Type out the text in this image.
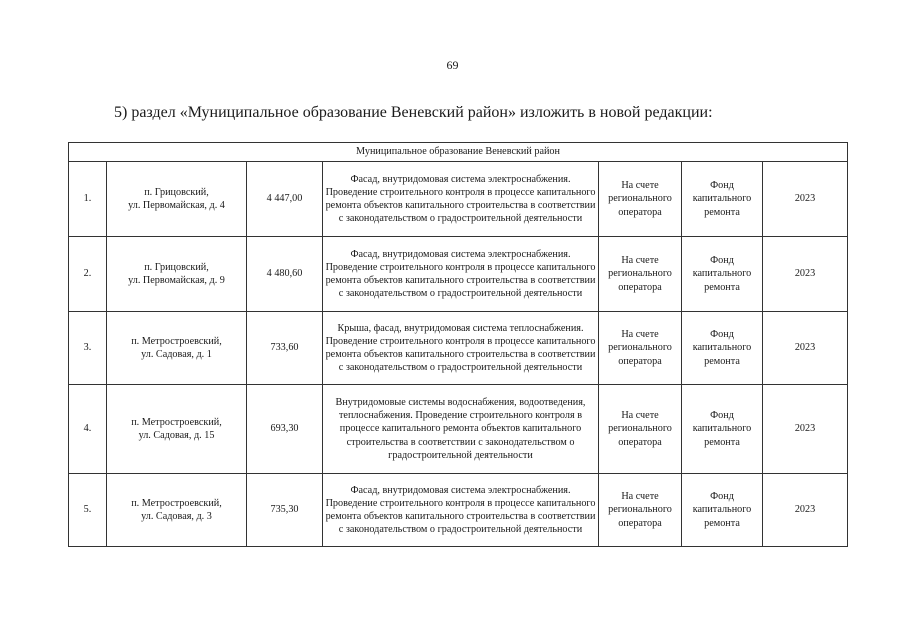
69
5) раздел «Муниципальное образование Веневский район» изложить в новой редакции:
Муниципальное образование Веневский район						
1.	п. Грицовский,
ул. Первомайская, д. 4	4 447,00	Фасад, внутридомовая система электроснабжения. Проведение строительного контроля в процессе капитального ремонта объектов капитального строительства в соответствии с законодательством о градостроительной деятельности	На счете регионального оператора	Фонд капитального ремонта	2023
2.	п. Грицовский,
ул. Первомайская, д. 9	4 480,60	Фасад, внутридомовая система электроснабжения. Проведение строительного контроля в процессе капитального ремонта объектов капитального строительства в соответствии с законодательством о градостроительной деятельности	На счете регионального оператора	Фонд капитального ремонта	2023
3.	п. Метростроевский,
ул. Садовая, д. 1	733,60	Крыша, фасад, внутридомовая система теплоснабжения. Проведение строительного контроля в процессе капитального ремонта объектов капитального строительства в соответствии с законодательством о градостроительной деятельности	На счете регионального оператора	Фонд капитального ремонта	2023
4.	п. Метростроевский,
ул. Садовая, д. 15	693,30	Внутридомовые системы водоснабжения, водоотведения, теплоснабжения. Проведение строительного контроля в процессе капитального ремонта объектов капитального строительства в соответствии с законодательством о градостроительной деятельности	На счете регионального оператора	Фонд капитального ремонта	2023
5.	п. Метростроевский,
ул. Садовая, д. 3	735,30	Фасад, внутридомовая система электроснабжения. Проведение строительного контроля в процессе капитального ремонта объектов капитального строительства в соответствии с законодательством о градостроительной деятельности	На счете регионального оператора	Фонд капитального ремонта	2023
